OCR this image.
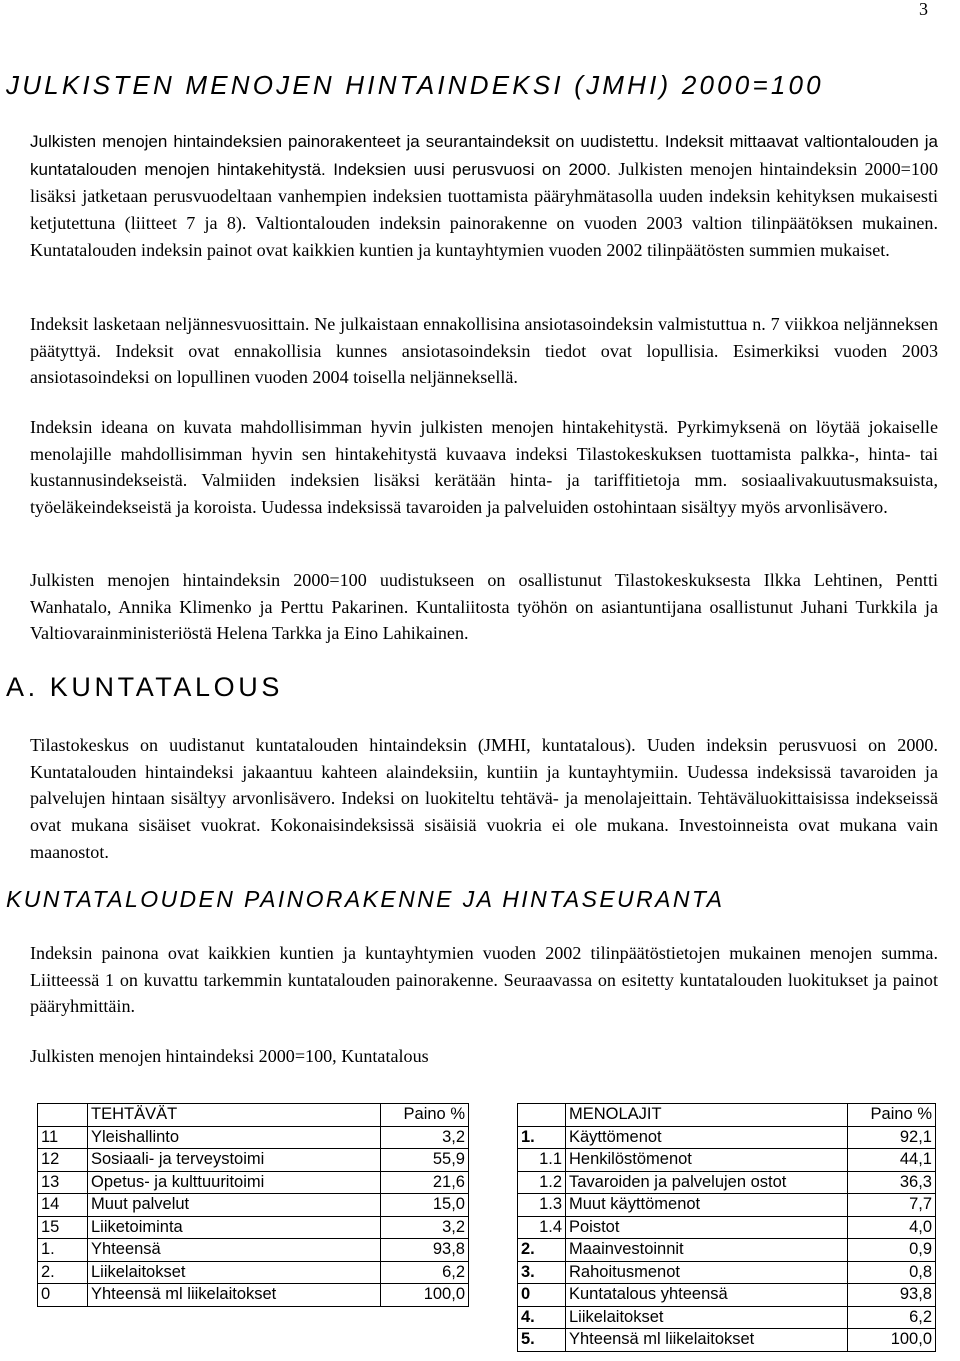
3
JULKISTEN MENOJEN HINTAINDEKSI (JMHI) 2000=100

Julkisten menojen hintaindeksien painorakenteet ja seurantaindeksit on uudistettu. Indeksit mittaavat valtiontalouden ja kuntatalouden menojen hintakehitystä. Indeksien uusi perusvuosi on 2000. Julkisten menojen hintaindeksin 2000=100 lisäksi jatketaan perusvuodeltaan vanhempien indeksien tuottamista pääryhmätasolla uuden indeksin kehityksen mukaisesti ketjutettuna (liitteet 7 ja 8). Valtiontalouden indeksin painorakenne on vuoden 2003 valtion tilinpäätöksen mukainen. Kuntatalouden indeksin painot ovat kaikkien kuntien ja kuntayhtymien vuoden 2002 tilinpäätösten summien mukaiset.

Indeksit lasketaan neljännesvuosittain. Ne julkaistaan ennakollisina ansiotasoindeksin valmistuttua n. 7 viikkoa neljänneksen päätyttyä. Indeksit ovat ennakollisia kunnes ansiotasoindeksin tiedot ovat lopullisia. Esimerkiksi vuoden 2003 ansiotasoindeksi on lopullinen vuoden 2004 toisella neljänneksellä.

Indeksin ideana on kuvata mahdollisimman hyvin julkisten menojen hintakehitystä. Pyrkimyksenä on löytää jokaiselle menolajille mahdollisimman hyvin sen hintakehitystä kuvaava indeksi Tilastokeskuksen tuottamista palkka-, hinta- tai kustannusindekseistä. Valmiiden indeksien lisäksi kerätään hinta- ja tariffitietoja mm. sosiaalivakuutusmaksuista, työeläkeindekseistä ja koroista. Uudessa indeksissä tavaroiden ja palveluiden ostohintaan sisältyy myös arvonlisävero.

Julkisten menojen hintaindeksin 2000=100 uudistukseen on osallistunut Tilastokeskuksesta Ilkka Lehtinen, Pentti Wanhatalo, Annika Klimenko ja Perttu Pakarinen. Kuntaliitosta työhön on asiantuntijana osallistunut Juhani Turkkila ja Valtiovarainministeriöstä Helena Tarkka ja Eino Lahikainen.

A. KUNTATALOUS

Tilastokeskus on uudistanut kuntatalouden hintaindeksin (JMHI, kuntatalous). Uuden indeksin perusvuosi on 2000. Kuntatalouden hintaindeksi jakaantuu kahteen alaindeksiin, kuntiin ja kuntayhtymiin. Uudessa indeksissä tavaroiden ja palvelujen hintaan sisältyy arvonlisävero. Indeksi on luokiteltu tehtävä- ja menolajeittain. Tehtäväluokittaisissa indekseissä ovat mukana sisäiset vuokrat. Kokonaisindeksissä sisäisiä vuokria ei ole mukana. Investoinneista ovat mukana vain maanostot.

KUNTATALOUDEN PAINORAKENNE JA HINTASEURANTA

Indeksin painona ovat kaikkien kuntien ja kuntayhtymien vuoden 2002 tilinpäätöstietojen mukainen menojen summa. Liitteessä 1 on kuvattu tarkemmin kuntatalouden painorakenne. Seuraavassa on esitetty kuntatalouden luokitukset ja painot pääryhmittäin.

Julkisten menojen hintaindeksi 2000=100, Kuntatalous

	TEHTÄVÄT	Paino %
11	Yleishallinto	3,2
12	Sosiaali- ja terveystoimi	55,9
13	Opetus- ja kulttuuritoimi	21,6
14	Muut palvelut	15,0
15	Liiketoiminta	3,2
1.	Yhteensä	93,8
2.	Liikelaitokset	6,2
0	Yhteensä ml liikelaitokset	100,0
	MENOLAJIT	Paino %
1.	Käyttömenot	92,1
1.1	Henkilöstömenot	44,1
1.2	Tavaroiden ja palvelujen ostot	36,3
1.3	Muut käyttömenot	7,7
1.4	Poistot	4,0
2.	Maainvestoinnit	0,9
3.	Rahoitusmenot	0,8
0	Kuntatalous yhteensä	93,8
4.	Liikelaitokset	6,2
5.	Yhteensä ml liikelaitokset	100,0
